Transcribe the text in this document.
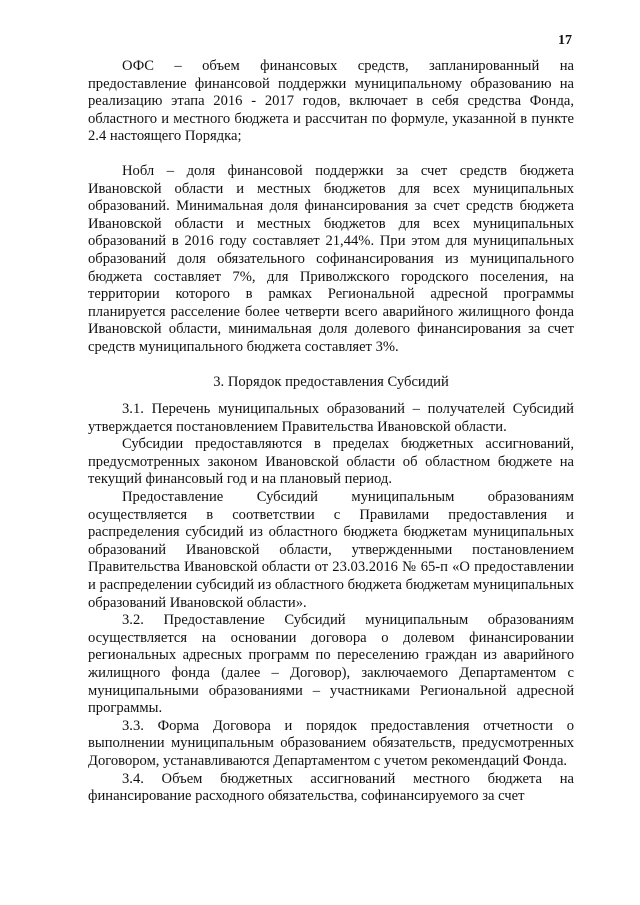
17

ОФС – объем финансовых средств, запланированный на предоставление финансовой поддержки муниципальному образованию на реализацию этапа 2016 - 2017 годов, включает в себя средства Фонда, областного и местного бюджета и рассчитан по формуле, указанной в пункте 2.4 настоящего Порядка;

Нобл – доля финансовой поддержки за счет средств бюджета Ивановской области и местных бюджетов для всех муниципальных образований. Минимальная доля финансирования за счет средств бюджета Ивановской области и местных бюджетов для всех муниципальных образований в 2016 году составляет 21,44%. При этом для муниципальных образований доля обязательного софинансирования из муниципального бюджета составляет 7%, для Приволжского городского поселения, на территории которого в рамках Региональной адресной программы планируется расселение более четверти всего аварийного жилищного фонда Ивановской области, минимальная доля долевого финансирования за счет средств муниципального бюджета составляет 3%.

3. Порядок предоставления Субсидий

3.1. Перечень муниципальных образований – получателей Субсидий утверждается постановлением Правительства Ивановской области.

Субсидии предоставляются в пределах бюджетных ассигнований, предусмотренных законом Ивановской области об областном бюджете на текущий финансовый год и на плановый период.

Предоставление Субсидий муниципальным образованиям осуществляется в соответствии с Правилами предоставления и распределения субсидий из областного бюджета бюджетам муниципальных образований Ивановской области, утвержденными постановлением Правительства Ивановской области от 23.03.2016 № 65-п «О предоставлении и распределении субсидий из областного бюджета бюджетам муниципальных образований Ивановской области».

3.2. Предоставление Субсидий муниципальным образованиям осуществляется на основании договора о долевом финансировании региональных адресных программ по переселению граждан из аварийного жилищного фонда (далее – Договор), заключаемого Департаментом с муниципальными образованиями – участниками Региональной адресной программы.

3.3. Форма Договора и порядок предоставления отчетности о выполнении муниципальным образованием обязательств, предусмотренных Договором, устанавливаются Департаментом с учетом рекомендаций Фонда.

3.4. Объем бюджетных ассигнований местного бюджета на финансирование расходного обязательства, софинансируемого за счет
